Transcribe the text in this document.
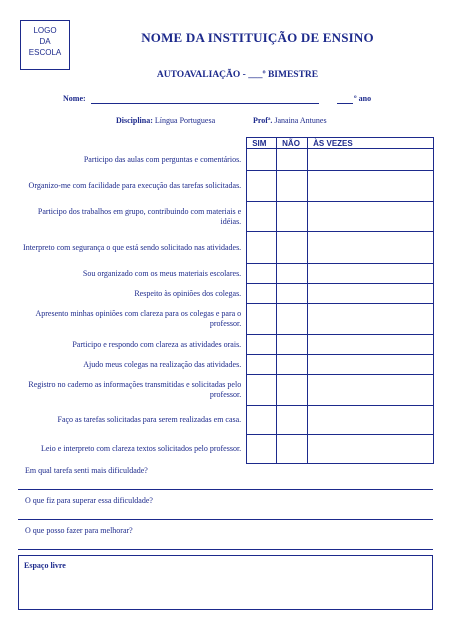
LOGO
DA
ESCOLA
NOME DA INSTITUIÇÃO DE ENSINO
AUTOAVALIAÇÃO - ___º BIMESTRE
Nome:	º ano
Disciplina: Língua Portuguesa	Profª. Janaina Antunes
	SIM	NÃO	ÀS VEZES
Participo das aulas com perguntas e comentários.			
Organizo-me com facilidade para execução das tarefas solicitadas.			
Participo dos trabalhos em grupo, contribuindo com materiais e idéias.			
Interpreto com segurança o que está sendo solicitado nas atividades.			
Sou organizado com os meus materiais escolares.			
Respeito às opiniões dos colegas.			
Apresento minhas opiniões com clareza para os colegas e para o professor.			
Participo e respondo com clareza as atividades orais.			
Ajudo meus colegas na realização das atividades.			
Registro no caderno as informações transmitidas e solicitadas pelo professor.			
Faço as tarefas solicitadas para serem realizadas em casa.			
Leio e interpreto com clareza textos solicitados pelo professor.			
Em qual tarefa senti mais dificuldade?
O que fiz para superar essa dificuldade?
O que posso fazer para melhorar?
Espaço livre
